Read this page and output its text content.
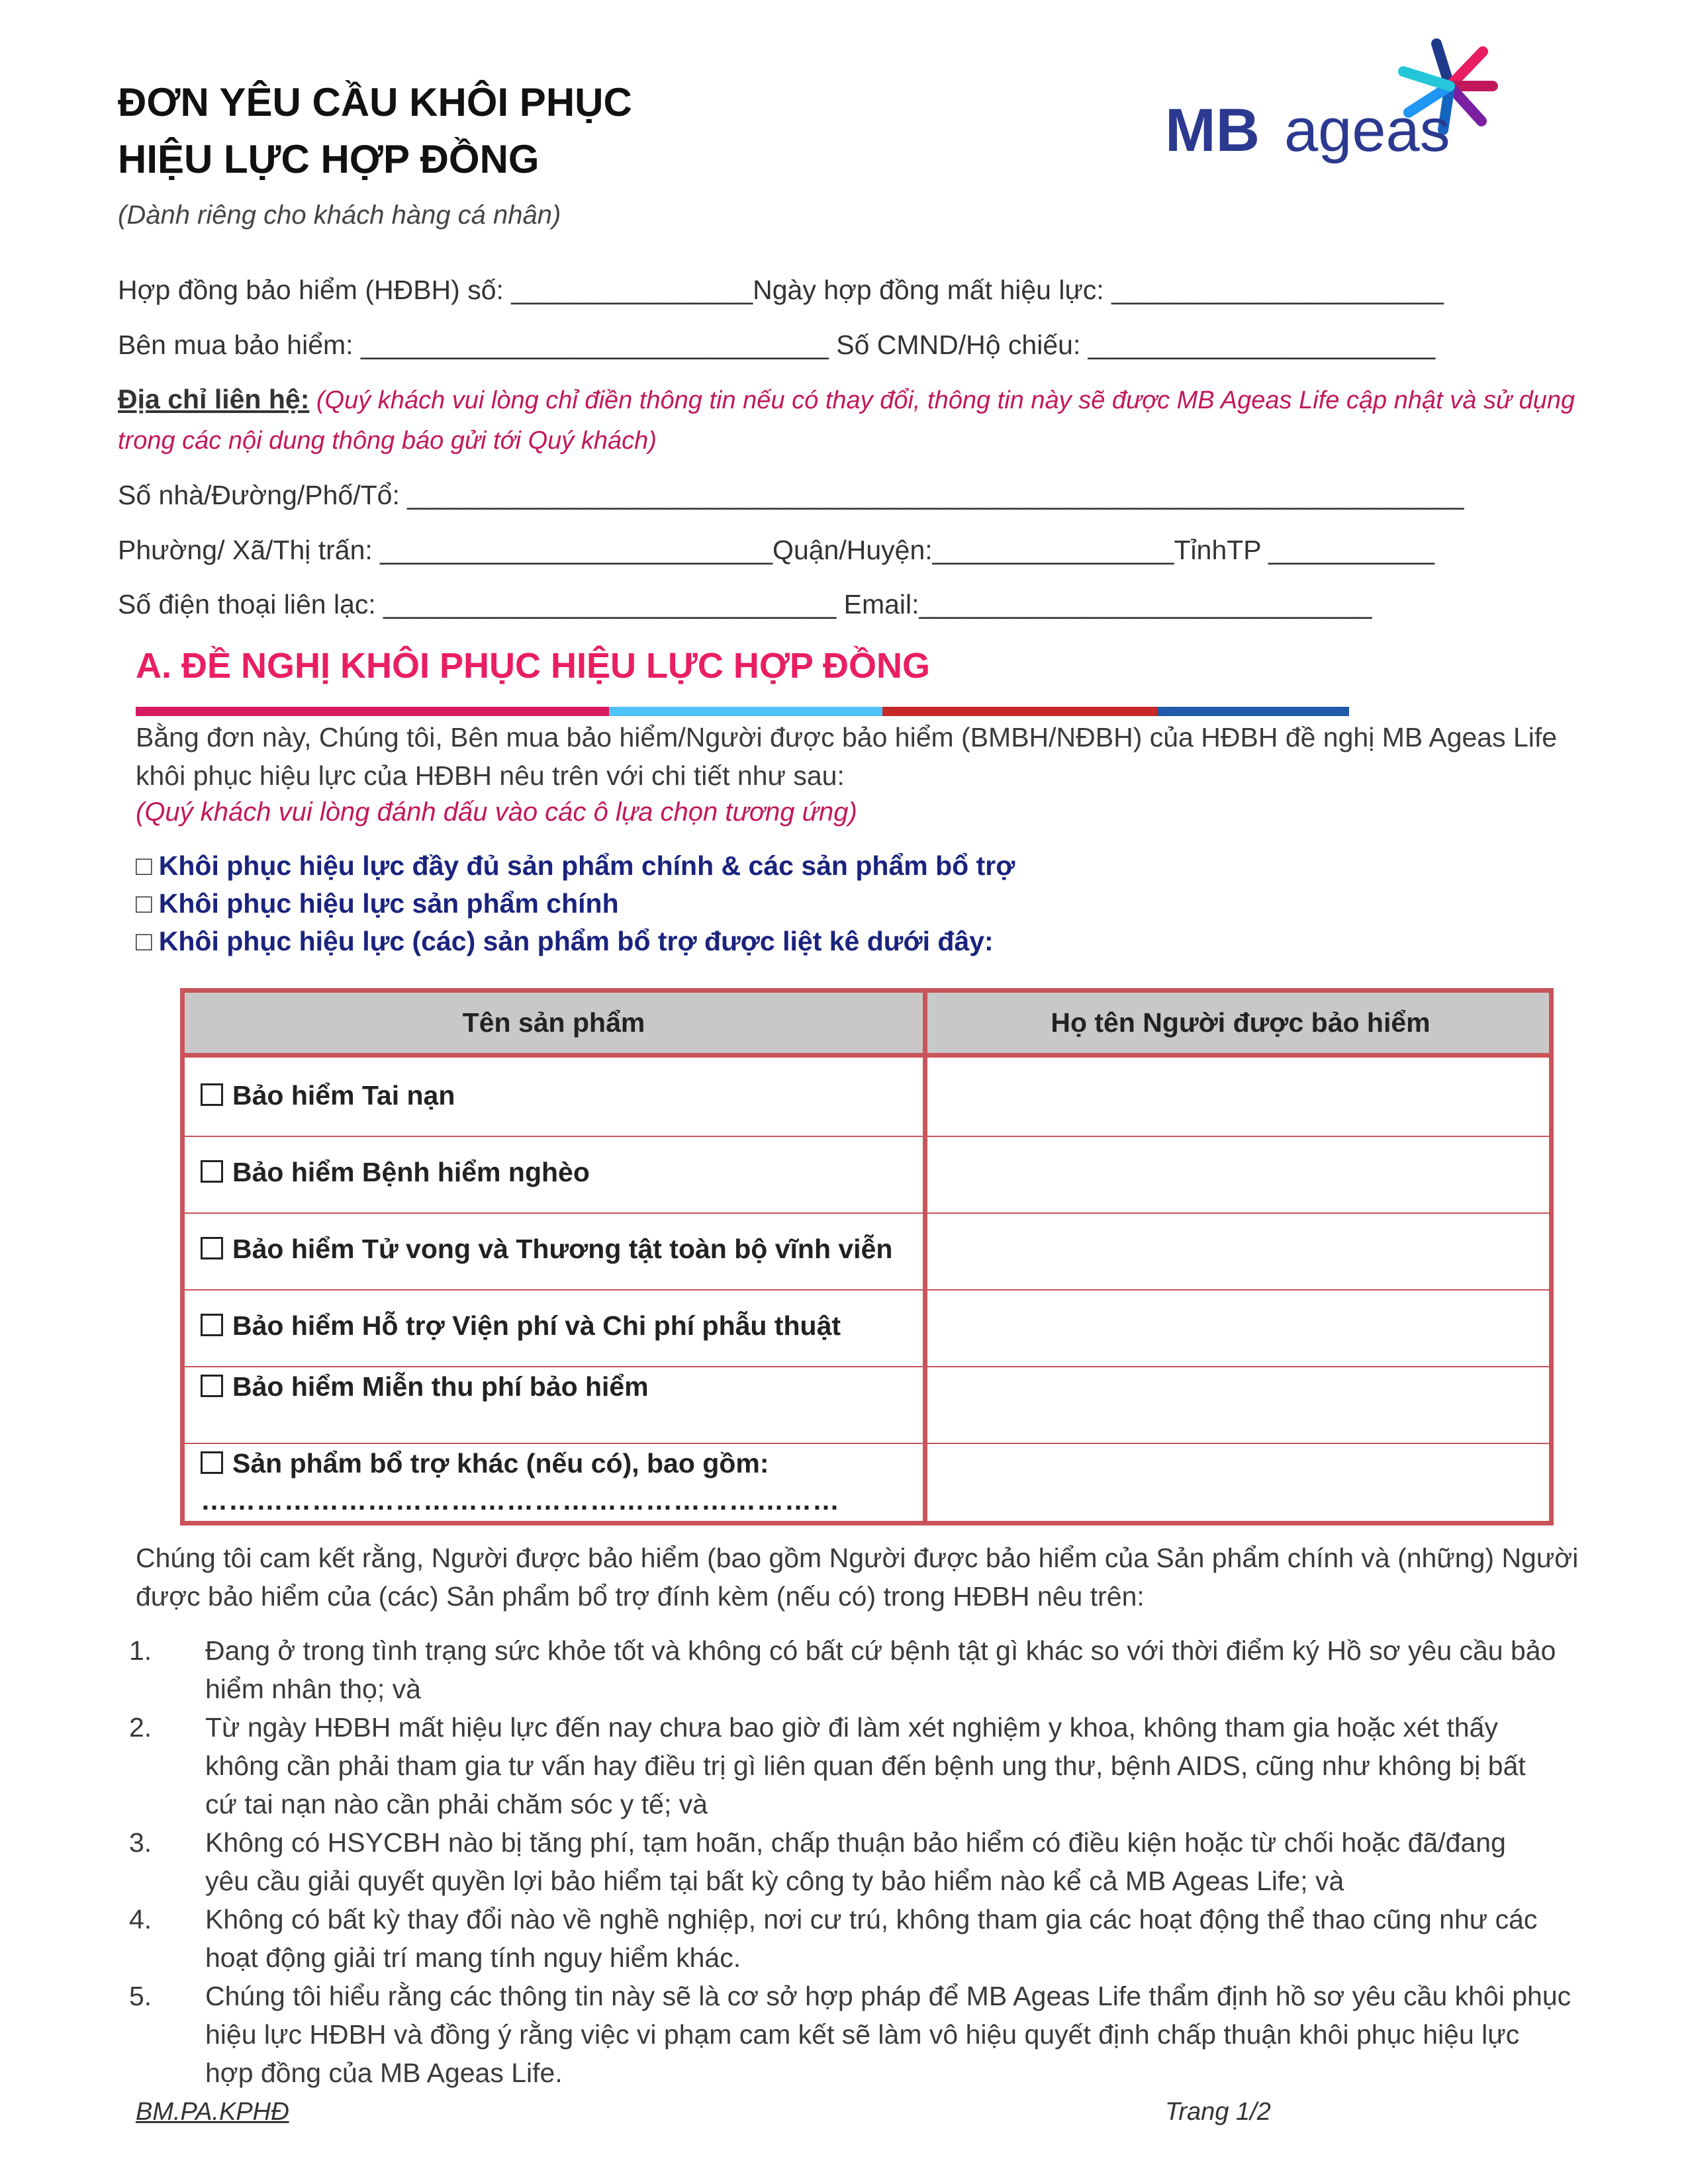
ĐƠN YÊU CẦU KHÔI PHỤC
HIỆU LỰC HỢP ĐỒNG
(Dành riêng cho khách hàng cá nhân)
MB ageas
Hợp đồng bảo hiểm (HĐBH) số: ________________Ngày hợp đồng mất hiệu lực: ______________________
Bên mua bảo hiểm: _______________________________ Số CMND/Hộ chiếu: _______________________
Địa chỉ liên hệ: (Quý khách vui lòng chỉ điền thông tin nếu có thay đổi, thông tin này sẽ được MB Ageas Life cập nhật và sử dụng
trong các nội dung thông báo gửi tới Quý khách)
Số nhà/Đường/Phố/Tổ: ______________________________________________________________________
Phường/ Xã/Thị trấn: __________________________Quận/Huyện:________________TỉnhTP ___________
Số điện thoại liên lạc: ______________________________ Email:______________________________
A. ĐỀ NGHỊ KHÔI PHỤC HIỆU LỰC HỢP ĐỒNG
Bằng đơn này, Chúng tôi, Bên mua bảo hiểm/Người được bảo hiểm (BMBH/NĐBH) của HĐBH đề nghị MB Ageas Life
khôi phục hiệu lực của HĐBH nêu trên với chi tiết như sau:
(Quý khách vui lòng đánh dấu vào các ô lựa chọn tương ứng)
□ Khôi phục hiệu lực đầy đủ sản phẩm chính & các sản phẩm bổ trợ
□ Khôi phục hiệu lực sản phẩm chính
□ Khôi phục hiệu lực (các) sản phẩm bổ trợ được liệt kê dưới đây:
Tên sản phẩm	Họ tên Người được bảo hiểm
Bảo hiểm Tai nạn
Bảo hiểm Bệnh hiểm nghèo
Bảo hiểm Tử vong và Thương tật toàn bộ vĩnh viễn
Bảo hiểm Hỗ trợ Viện phí và Chi phí phẫu thuật
Bảo hiểm Miễn thu phí bảo hiểm
Sản phẩm bổ trợ khác (nếu có), bao gồm:
……………………………………………………………
Chúng tôi cam kết rằng, Người được bảo hiểm (bao gồm Người được bảo hiểm của Sản phẩm chính và (những) Người
được bảo hiểm của (các) Sản phẩm bổ trợ đính kèm (nếu có) trong HĐBH nêu trên:
1. Đang ở trong tình trạng sức khỏe tốt và không có bất cứ bệnh tật gì khác so với thời điểm ký Hồ sơ yêu cầu bảo
hiểm nhân thọ; và
2. Từ ngày HĐBH mất hiệu lực đến nay chưa bao giờ đi làm xét nghiệm y khoa, không tham gia hoặc xét thấy
không cần phải tham gia tư vấn hay điều trị gì liên quan đến bệnh ung thư, bệnh AIDS, cũng như không bị bất
cứ tai nạn nào cần phải chăm sóc y tế; và
3. Không có HSYCBH nào bị tăng phí, tạm hoãn, chấp thuận bảo hiểm có điều kiện hoặc từ chối hoặc đã/đang
yêu cầu giải quyết quyền lợi bảo hiểm tại bất kỳ công ty bảo hiểm nào kể cả MB Ageas Life; và
4. Không có bất kỳ thay đổi nào về nghề nghiệp, nơi cư trú, không tham gia các hoạt động thể thao cũng như các
hoạt động giải trí mang tính nguy hiểm khác.
5. Chúng tôi hiểu rằng các thông tin này sẽ là cơ sở hợp pháp để MB Ageas Life thẩm định hồ sơ yêu cầu khôi phục
hiệu lực HĐBH và đồng ý rằng việc vi phạm cam kết sẽ làm vô hiệu quyết định chấp thuận khôi phục hiệu lực
hợp đồng của MB Ageas Life.
BM.PA.KPHĐ	Trang 1/2
